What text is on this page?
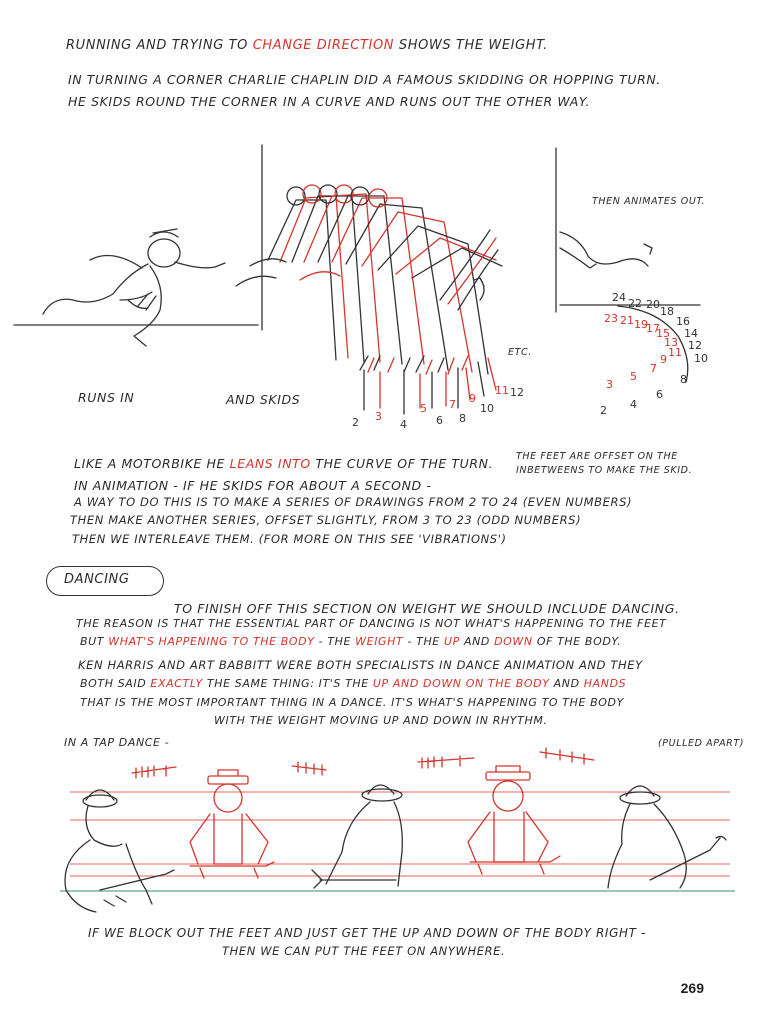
RUNNING AND TRYING TO CHANGE DIRECTION SHOWS THE WEIGHT.
IN TURNING A CORNER CHARLIE CHAPLIN DID A FAMOUS SKIDDING OR HOPPING TURN.
HE SKIDS ROUND THE CORNER IN A CURVE AND RUNS OUT THE OTHER WAY.
THEN ANIMATES OUT.
RUNS IN	AND SKIDS
ETC.
2 3
4
5
6
7
8
9
10
11 12
24 22 20
18
23 21 19
17
16
15 14
13 12
11 10
9
8
7
6
5
4
3
2
LIKE A MOTORBIKE HE LEANS INTO THE CURVE OF THE TURN. THE FEET ARE OFFSET ON THE
INBETWEENS TO MAKE THE SKID.
IN ANIMATION - IF HE SKIDS FOR ABOUT A SECOND -
A WAY TO DO THIS IS TO MAKE A SERIES OF DRAWINGS FROM 2 TO 24 (EVEN NUMBERS)
THEN MAKE ANOTHER SERIES, OFFSET SLIGHTLY, FROM 3 TO 23 (ODD NUMBERS)
THEN WE INTERLEAVE THEM. (FOR MORE ON THIS SEE 'VIBRATIONS')
DANCING
TO FINISH OFF THIS SECTION ON WEIGHT WE SHOULD INCLUDE DANCING.
THE REASON IS THAT THE ESSENTIAL PART OF DANCING IS NOT WHAT'S HAPPENING TO THE FEET
BUT WHAT'S HAPPENING TO THE BODY - THE WEIGHT - THE UP AND DOWN OF THE BODY.
KEN HARRIS AND ART BABBITT WERE BOTH SPECIALISTS IN DANCE ANIMATION AND THEY
BOTH SAID EXACTLY THE SAME THING: IT'S THE UP AND DOWN ON THE BODY AND HANDS
THAT IS THE MOST IMPORTANT THING IN A DANCE. IT'S WHAT'S HAPPENING TO THE BODY
WITH THE WEIGHT MOVING UP AND DOWN IN RHYTHM.
IN A TAP DANCE -	(PULLED APART)
IF WE BLOCK OUT THE FEET AND JUST GET THE UP AND DOWN OF THE BODY RIGHT -
THEN WE CAN PUT THE FEET ON ANYWHERE.
269
